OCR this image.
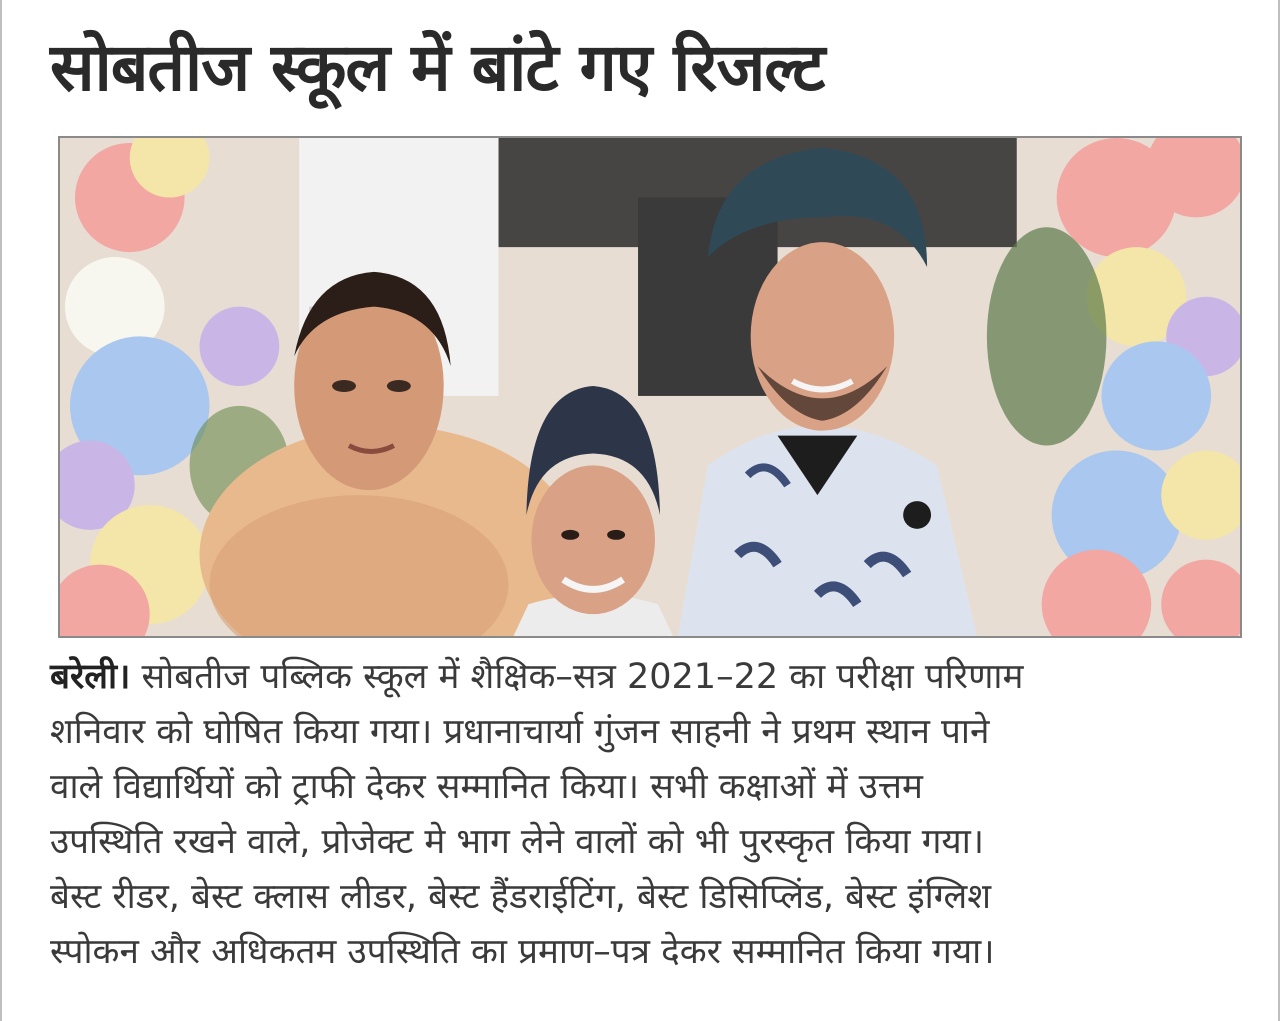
सोबतीज स्कूल में बांटे गए रिजल्ट
बरेली। सोबतीज पब्लिक स्कूल में शैक्षिक–सत्र 2021–22 का परीक्षा परिणाम
शनिवार को घोषित किया गया। प्रधानाचार्या गुंजन साहनी ने प्रथम स्थान पाने
वाले विद्यार्थियों को ट्राफी देकर सम्मानित किया। सभी कक्षाओं में उत्तम
उपस्थिति रखने वाले, प्रोजेक्ट मे भाग लेने वालों को भी पुरस्कृत किया गया।
बेस्ट रीडर, बेस्ट क्लास लीडर, बेस्ट हैंडराईटिंग, बेस्ट डिसिप्लिंड, बेस्ट इंग्लिश
स्पोकन और अधिकतम उपस्थिति का प्रमाण–पत्र देकर सम्मानित किया गया।
